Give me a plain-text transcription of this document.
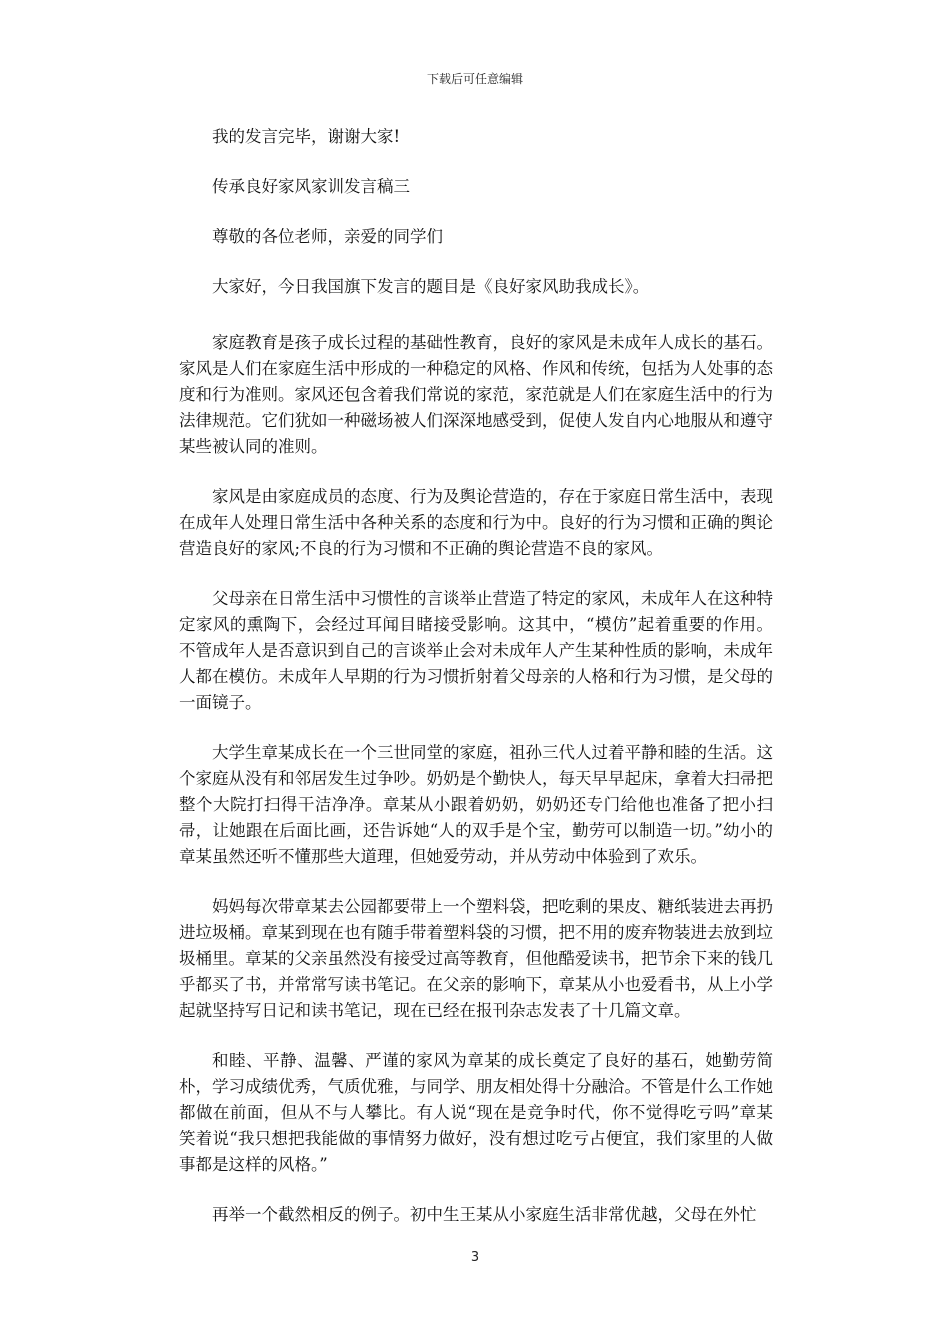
下载后可任意编辑

我的发言完毕，谢谢大家!

传承良好家风家训发言稿三

尊敬的各位老师，亲爱的同学们

大家好，今日我国旗下发言的题目是《良好家风助我成长》。

家庭教育是孩子成长过程的基础性教育，良好的家风是未成年人成长的基石。家风是人们在家庭生活中形成的一种稳定的风格、作风和传统，包括为人处事的态度和行为准则。家风还包含着我们常说的家范，家范就是人们在家庭生活中的行为法律规范。它们犹如一种磁场被人们深深地感受到，促使人发自内心地服从和遵守某些被认同的准则。

家风是由家庭成员的态度、行为及舆论营造的，存在于家庭日常生活中，表现在成年人处理日常生活中各种关系的态度和行为中。良好的行为习惯和正确的舆论营造良好的家风;不良的行为习惯和不正确的舆论营造不良的家风。

父母亲在日常生活中习惯性的言谈举止营造了特定的家风，未成年人在这种特定家风的熏陶下，会经过耳闻目睹接受影响。这其中，“模仿”起着重要的作用。不管成年人是否意识到自己的言谈举止会对未成年人产生某种性质的影响，未成年人都在模仿。未成年人早期的行为习惯折射着父母亲的人格和行为习惯，是父母的一面镜子。

大学生章某成长在一个三世同堂的家庭，祖孙三代人过着平静和睦的生活。这个家庭从没有和邻居发生过争吵。奶奶是个勤快人，每天早早起床，拿着大扫帚把整个大院打扫得干洁净净。章某从小跟着奶奶，奶奶还专门给他也准备了把小扫帚，让她跟在后面比画，还告诉她“人的双手是个宝，勤劳可以制造一切。”幼小的章某虽然还听不懂那些大道理，但她爱劳动，并从劳动中体验到了欢乐。

妈妈每次带章某去公园都要带上一个塑料袋，把吃剩的果皮、糖纸装进去再扔进垃圾桶。章某到现在也有随手带着塑料袋的习惯，把不用的废弃物装进去放到垃圾桶里。章某的父亲虽然没有接受过高等教育，但他酷爱读书，把节余下来的钱几乎都买了书，并常常写读书笔记。在父亲的影响下，章某从小也爱看书，从上小学起就坚持写日记和读书笔记，现在已经在报刊杂志发表了十几篇文章。

和睦、平静、温馨、严谨的家风为章某的成长奠定了良好的基石，她勤劳简朴，学习成绩优秀，气质优雅，与同学、朋友相处得十分融洽。不管是什么工作她都做在前面，但从不与人攀比。有人说“现在是竞争时代，你不觉得吃亏吗”章某笑着说“我只想把我能做的事情努力做好，没有想过吃亏占便宜，我们家里的人做事都是这样的风格。”

再举一个截然相反的例子。初中生王某从小家庭生活非常优越，父母在外忙

3
